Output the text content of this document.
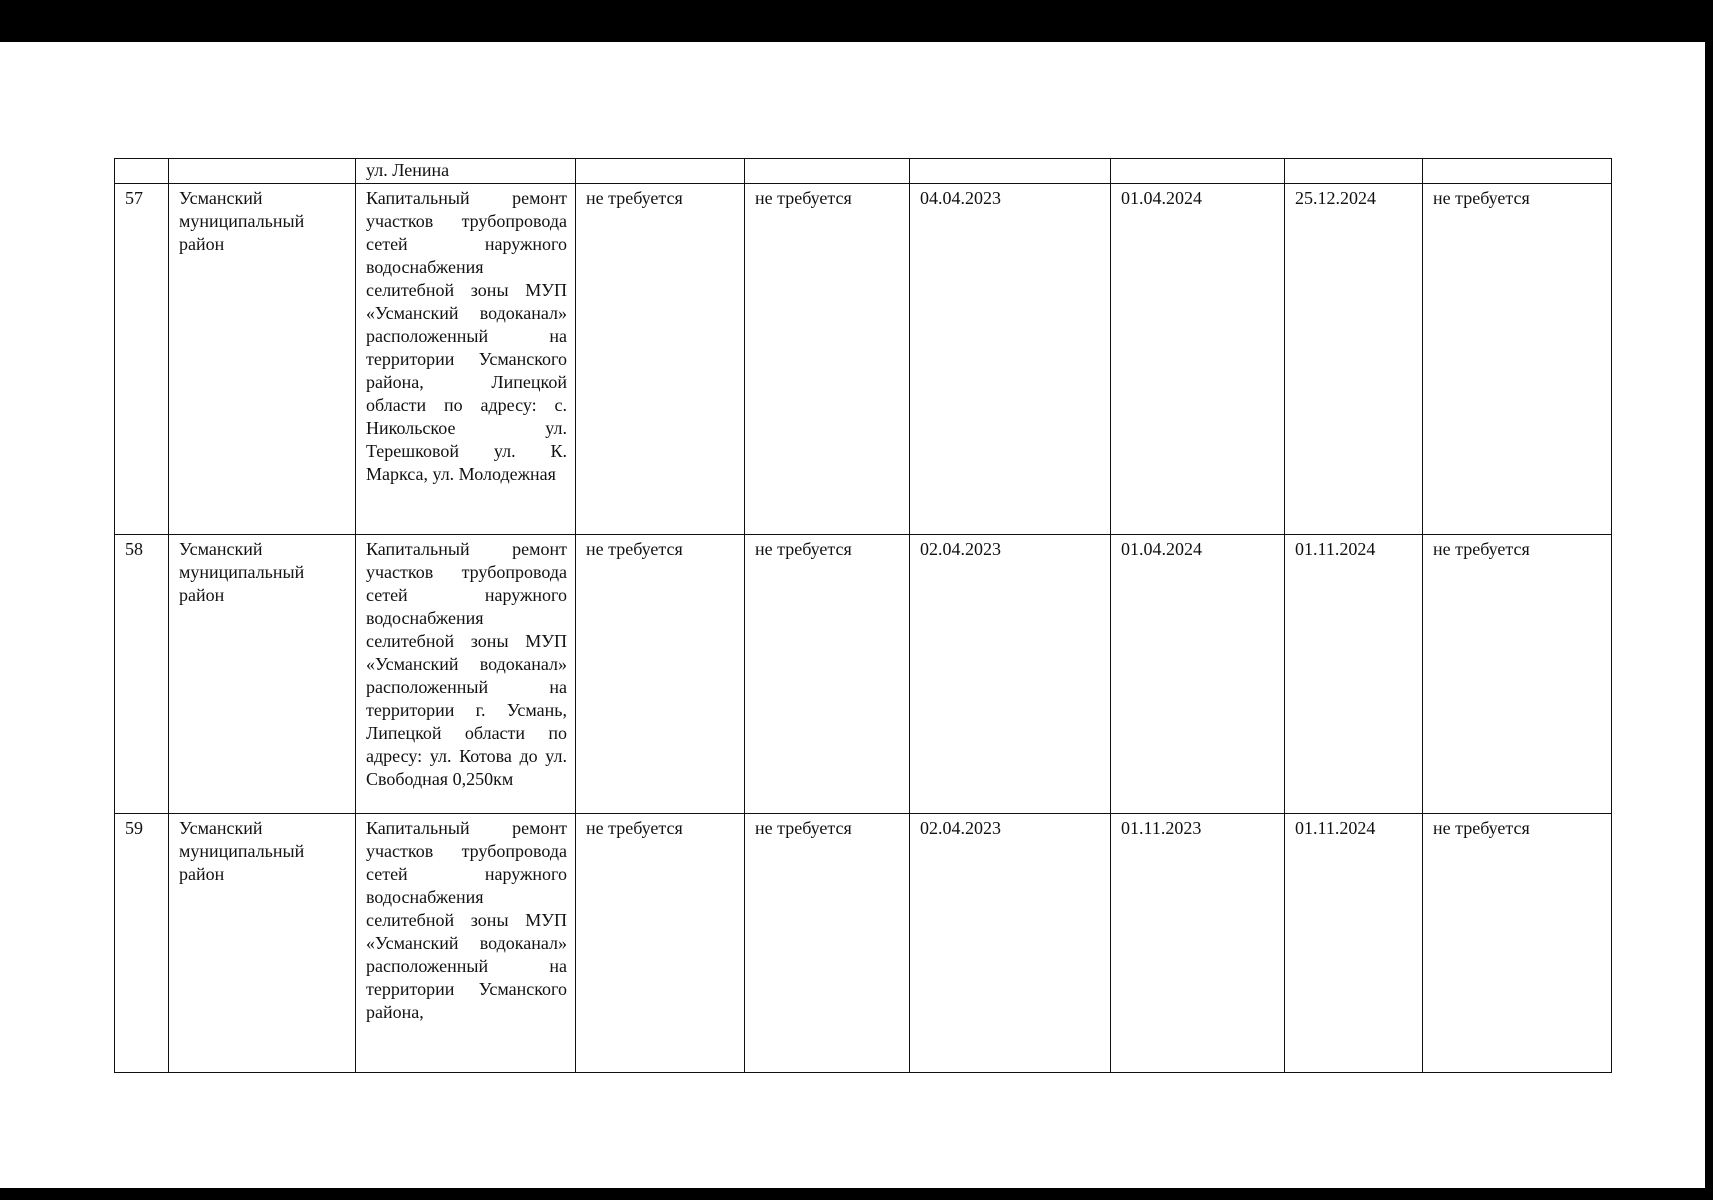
		ул. Ленина						

57	Усманский муниципальный район	Капитальный ремонт участков трубопровода сетей наружного водоснабжения селитебной зоны МУП «Усманский водоканал» расположенный на территории Усманского района, Липецкой области по адресу: с. Никольское ул. Терешковой ул. К. Маркса, ул. Молодежная	не требуется	не требуется	04.04.2023	01.04.2024	25.12.2024	не требуется
58	Усманский муниципальный район	Капитальный ремонт участков трубопровода сетей наружного водоснабжения селитебной зоны МУП «Усманский водоканал» расположенный на территории г. Усмань, Липецкой области по адресу: ул. Котова до ул. Свободная 0,250км	не требуется	не требуется	02.04.2023	01.04.2024	01.11.2024	не требуется
59	Усманский муниципальный район	Капитальный ремонт участков трубопровода сетей наружного водоснабжения селитебной зоны МУП «Усманский водоканал» расположенный на территории Усманского района,	не требуется	не требуется	02.04.2023	01.11.2023	01.11.2024	не требуется
